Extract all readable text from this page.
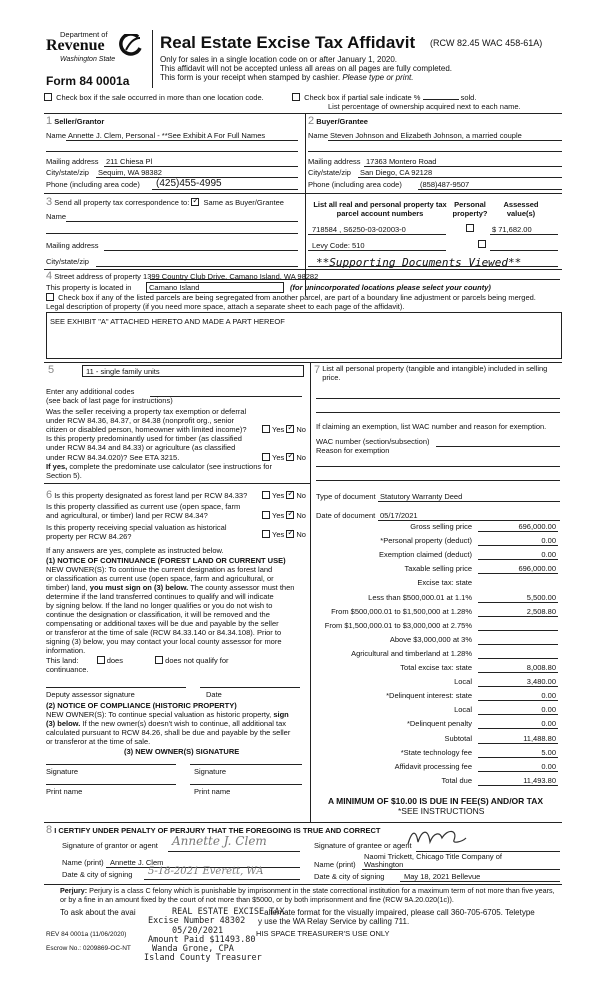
Department of
Revenue
Washington State
Form 84 0001a
Real Estate Excise Tax Affidavit (RCW 82.45 WAC 458-61A)
Only for sales in a single location code on or after January 1, 2020.
This affidavit will not be accepted unless all areas on all pages are fully completed.
This form is your receipt when stamped by cashier. Please type or print.
Check box if the sale occurred in more than one location code.	Check box if partial sale indicate %	sold.
List percentage of ownership acquired next to each name.
1 Seller/Grantor
Name Annette J. Clem, Personal - **See Exhibit A For Full Names
Mailing address 211 Chiesa Pl
City/state/zip Sequim, WA 98382
Phone (including area code) (425)455-4995
2 Buyer/Grantee
Name Steven Johnson and Elizabeth Johnson, a married couple
Mailing address 17363 Montero Road
City/state/zip San Diego, CA 92128
Phone (including area code) (858)487-9507
3 Send all property tax correspondence to: ✓ Same as Buyer/Grantee
Name
Mailing address
City/state/zip
List all real and personal property tax parcel account numbers
Personal property?
Assessed value(s)
718584 , S6250-03-02003-0
	$ 71,682.00
Levy Code: 510
**Supporting Documents Viewed**
4 Street address of property 1399 Country Club Drive, Camano Island, WA 98282
This property is located in Camano Island	(for unincorporated locations please select your county)
Check box if any of the listed parcels are being segregated from another parcel, are part of a boundary line adjustment or parcels being merged.
Legal description of property (if you need more space, attach a separate sheet to each page of the affidavit).
SEE EXHIBIT "A" ATTACHED HERETO AND MADE A PART HEREOF
5	11 - single family units
Enter any additional codes
(see back of last page for instructions)
Was the seller receiving a property tax exemption or deferral
under RCW 84.36, 84.37, or 84.38 (nonprofit org., senior
citizen or disabled person, homeowner with limited income)?	Yes ✓ No
Is this property predominantly used for timber (as classified
under RCW 84.34 and 84.33) or agriculture (as classified
under RCW 84.34.020)? See ETA 3215.	Yes ✓ No
If yes, complete the predominate use calculator (see instructions for
Section 5).
6 Is this property designated as forest land per RCW 84.33?	Yes ✓ No
Is this property classified as current use (open space, farm
and agricultural, or timber) land per RCW 84.34?	Yes ✓ No
Is this property receiving special valuation as historical
property per RCW 84.26?	Yes ✓ No
If any answers are yes, complete as instructed below.
(1) NOTICE OF CONTINUANCE (FOREST LAND OR CURRENT USE)
NEW OWNER(S): To continue the current designation as forest land
or classification as current use (open space, farm and agricultural, or
timber) land, you must sign on (3) below. The county assessor must then
determine if the land transferred continues to qualify and will indicate
by signing below. If the land no longer qualifies or you do not wish to
continue the designation or classification, it will be removed and the
compensating or additional taxes will be due and payable by the seller
or transferor at the time of sale (RCW 84.33.140 or 84.34.108). Prior to
signing (3) below, you may contact your local county assessor for more
information.
This land:	does	does not qualify for
continuance.
Deputy assessor signature	Date
(2) NOTICE OF COMPLIANCE (HISTORIC PROPERTY)
NEW OWNER(S): To continue special valuation as historic property, sign
(3) below. If the new owner(s) doesn't wish to continue, all additional tax
calculated pursuant to RCW 84.26, shall be due and payable by the seller
or transferor at the time of sale.
(3) NEW OWNER(S) SIGNATURE
Signature	Signature
Print name	Print name
7 List all personal property (tangible and intangible) included in selling price.
If claiming an exemption, list WAC number and reason for exemption.
WAC number (section/subsection)
Reason for exemption
Type of document Statutory Warranty Deed
Date of document 05/17/2021
Gross selling price	696,000.00
*Personal property (deduct)	0.00
Exemption claimed (deduct)	0.00
Taxable selling price	696,000.00
Excise tax: state
Less than $500,000.01 at 1.1%	5,500.00
From $500,000.01 to $1,500,000 at 1.28%	2,508.80
From $1,500,000.01 to $3,000,000 at 2.75%
Above $3,000,000 at 3%
Agricultural and timberland at 1.28%
Total excise tax: state	8,008.80
Local	3,480.00
*Delinquent interest: state	0.00
Local	0.00
*Delinquent penalty	0.00
Subtotal	11,488.80
*State technology fee	5.00
Affidavit processing fee	0.00
Total due	11,493.80
A MINIMUM OF $10.00 IS DUE IN FEE(S) AND/OR TAX
*SEE INSTRUCTIONS
8 I CERTIFY UNDER PENALTY OF PERJURY THAT THE FOREGOING IS TRUE AND CORRECT
Signature of grantor or agent Annette J. Clem
Name (print) Annette J. Clem
Date & city of signing 5-18-2021 Everett, WA
Signature of grantee or agent
Naomi Trickett, Chicago Title Company of
Name (print) Washington
Date & city of signing	May 18, 2021 Bellevue
Perjury: Perjury is a class C felony which is punishable by imprisonment in the state correctional institution for a maximum term of not more than five years, or by a fine in an amount fixed by the court of not more than $5000, or by both imprisonment and fine (RCW 9A.20.020(1c)).
To ask about the avai	alternate format for the visually impaired, please call 360-705-6705. Teletype
y use the WA Relay Service by calling 711.
REV 84 0001a (11/06/2020)
Escrow No.: 0209869-OC-NT
HIS SPACE TREASURER'S USE ONLY
REAL ESTATE EXCISE TAX
Excise Number 48302
05/20/2021
Amount Paid $11493.80
Wanda Grone, CPA
Island County Treasurer
